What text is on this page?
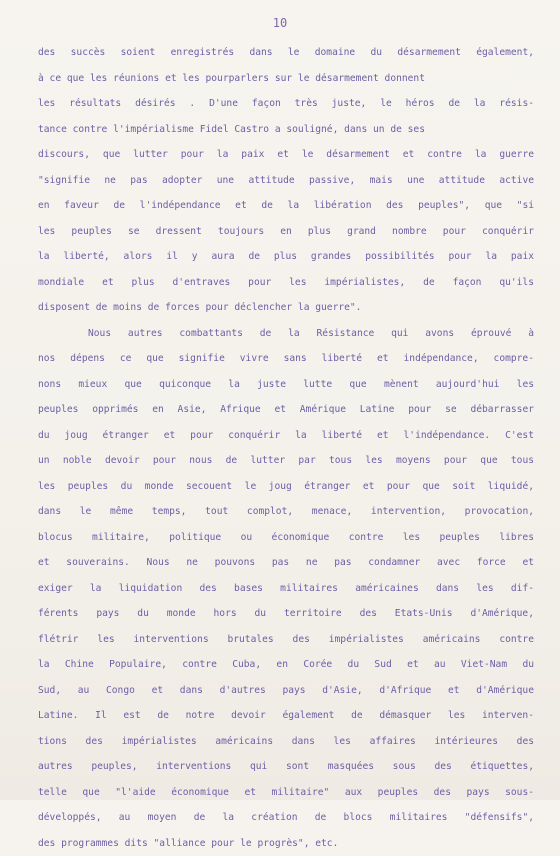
10
des succès soient enregistrés dans le domaine du désarmement également,
à ce que les réunions et les pourparlers sur le désarmement donnent
les résultats désirés . D'une façon très juste, le héros de la résis-
tance contre l'impérialisme Fidel Castro a souligné, dans un de ses
discours, que lutter pour la paix et le désarmement et contre la guerre
"signifie ne pas adopter une attitude passive, mais une attitude active
en faveur de l'indépendance et de la libération des peuples", que "si
les peuples se dressent toujours en plus grand nombre pour conquérir
la liberté, alors il y aura de plus grandes possibilités pour la paix
mondiale et plus d'entraves pour les impérialistes, de façon qu'ils
disposent de moins de forces pour déclencher la guerre".
Nous autres combattants de la Résistance qui avons éprouvé à
nos dépens ce que signifie vivre sans liberté et indépendance, compre-
nons mieux que quiconque la juste lutte que mènent aujourd'hui les
peuples opprimés en Asie, Afrique et Amérique Latine pour se débarrasser
du joug étranger et pour conquérir la liberté et l'indépendance. C'est
un noble devoir pour nous de lutter par tous les moyens pour que tous
les peuples du monde secouent le joug étranger et pour que soit liquidé,
dans le même temps, tout complot, menace, intervention, provocation,
blocus militaire, politique ou économique contre les peuples libres
et souverains. Nous ne pouvons pas ne pas condamner avec force et
exiger la liquidation des bases militaires américaines dans les dif-
férents pays du monde hors du territoire des Etats-Unis d'Amérique,
flétrir les interventions brutales des impérialistes américains contre
la Chine Populaire, contre Cuba, en Corée du Sud et au Viet-Nam du
Sud, au Congo et dans d'autres pays d'Asie, d'Afrique et d'Amérique
Latine. Il est de notre devoir également de démasquer les interven-
tions des impérialistes américains dans les affaires intérieures des
autres peuples, interventions qui sont masquées sous des étiquettes,
telle que "l'aide économique et militaire" aux peuples des pays sous-
développés, au moyen de la création de blocs militaires "défensifs",
des programmes dits "alliance pour le progrès", etc.
